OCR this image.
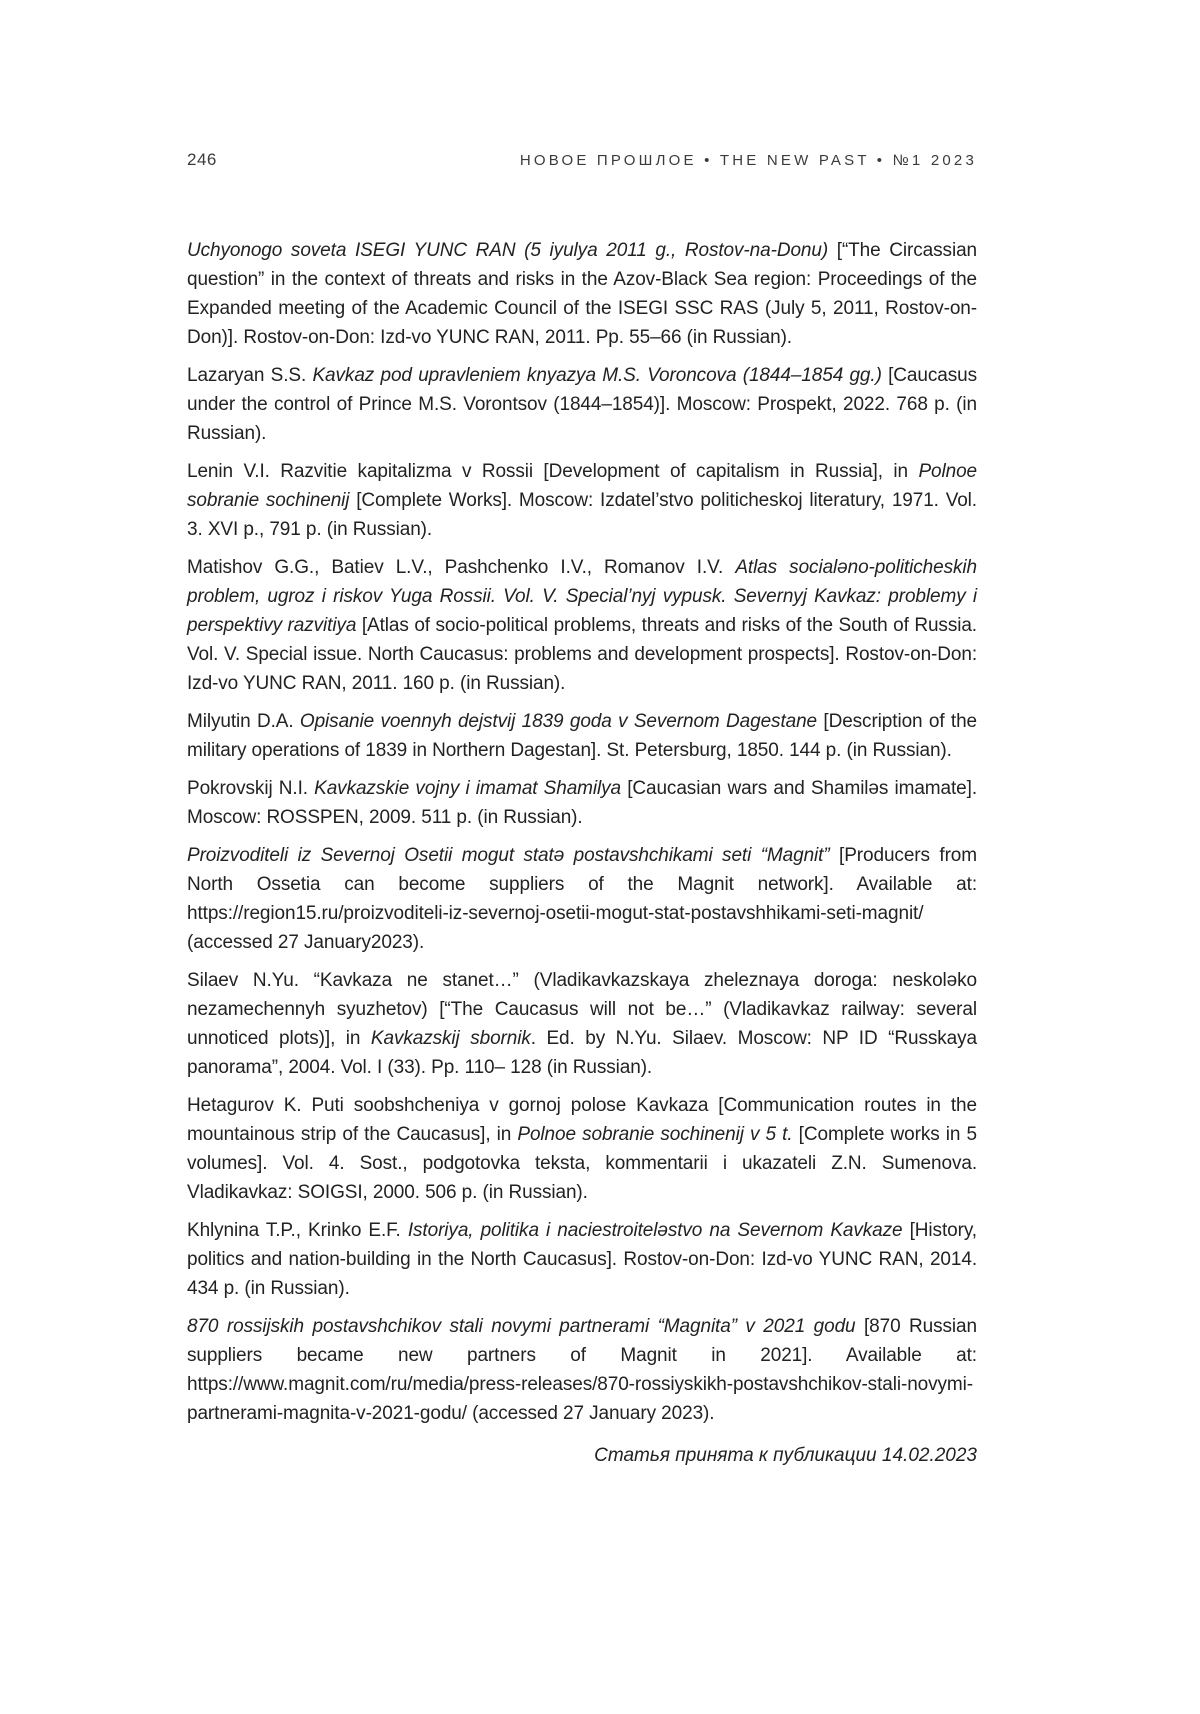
246	НОВОЕ ПРОШЛОЕ • THE NEW PAST • №1 2023

Uchyonogo soveta ISEGI YUNC RAN (5 iyulya 2011 g., Rostov-na-Donu) [“The Circassian question” in the context of threats and risks in the Azov-Black Sea region: Proceedings of the Expanded meeting of the Academic Council of the ISEGI SSC RAS (July 5, 2011, Rostov-on-Don)]. Rostov-on-Don: Izd-vo YUNC RAN, 2011. Pp. 55–66 (in Russian).

Lazaryan S.S. Kavkaz pod upravleniem knyazya M.S. Voroncova (1844–1854 gg.) [Caucasus under the control of Prince M.S. Vorontsov (1844–1854)]. Moscow: Prospekt, 2022. 768 p. (in Russian).

Lenin V.I. Razvitie kapitalizma v Rossii [Development of capitalism in Russia], in Polnoe sobranie sochinenij [Complete Works]. Moscow: Izdatel’stvo politicheskoj literatury, 1971. Vol. 3. XVI p., 791 p. (in Russian).

Matishov G.G., Batiev L.V., Pashchenko I.V., Romanov I.V. Atlas socialəno-politicheskih problem, ugroz i riskov Yuga Rossii. Vol. V. Special’nyj vypusk. Severnyj Kavkaz: problemy i perspektivy razvitiya [Atlas of socio-political problems, threats and risks of the South of Russia. Vol. V. Special issue. North Caucasus: problems and development prospects]. Rostov-on-Don: Izd-vo YUNC RAN, 2011. 160 p. (in Russian).

Milyutin D.A. Opisanie voennyh dejstvij 1839 goda v Severnom Dagestane [Description of the military operations of 1839 in Northern Dagestan]. St. Petersburg, 1850. 144 p. (in Russian).

Pokrovskij N.I. Kavkazskie vojny i imamat Shamilya [Caucasian wars and Shamiləs imamate]. Moscow: ROSSPEN, 2009. 511 p. (in Russian).

Proizvoditeli iz Severnoj Osetii mogut statə postavshchikami seti “Magnit” [Producers from North Ossetia can become suppliers of the Magnit network]. Available at: https://region15.ru/proizvoditeli-iz-severnoj-osetii-mogut-stat-postavshhikami-seti-magnit/ (accessed 27 January2023).

Silaev N.Yu. “Kavkaza ne stanet…” (Vladikavkazskaya zheleznaya doroga: neskoləko nezamechennyh syuzhetov) [“The Caucasus will not be…” (Vladikavkaz railway: several unnoticed plots)], in Kavkazskij sbornik. Ed. by N.Yu. Silaev. Moscow: NP ID “Russkaya panorama”, 2004. Vol. I (33). Pp. 110– 128 (in Russian).

Hetagurov K. Puti soobshcheniya v gornoj polose Kavkaza [Communication routes in the mountainous strip of the Caucasus], in Polnoe sobranie sochinenij v 5 t. [Complete works in 5 volumes]. Vol. 4. Sost., podgotovka teksta, kommentarii i ukazateli Z.N. Sumenova. Vladikavkaz: SOIGSI, 2000. 506 p. (in Russian).

Khlynina T.P., Krinko E.F. Istoriya, politika i naciestroiteləstvo na Severnom Kavkaze [History, politics and nation-building in the North Caucasus]. Rostov-on-Don: Izd-vo YUNC RAN, 2014. 434 p. (in Russian).

870 rossijskih postavshchikov stali novymi partnerami “Magnita” v 2021 godu [870 Russian suppliers became new partners of Magnit in 2021]. Available at: https://www.magnit.com/ru/media/press-releases/870-rossiyskikh-postavshchikov-stali-novymi-partnerami-magnita-v-2021-godu/ (accessed 27 January 2023).

Статья принята к публикации 14.02.2023
